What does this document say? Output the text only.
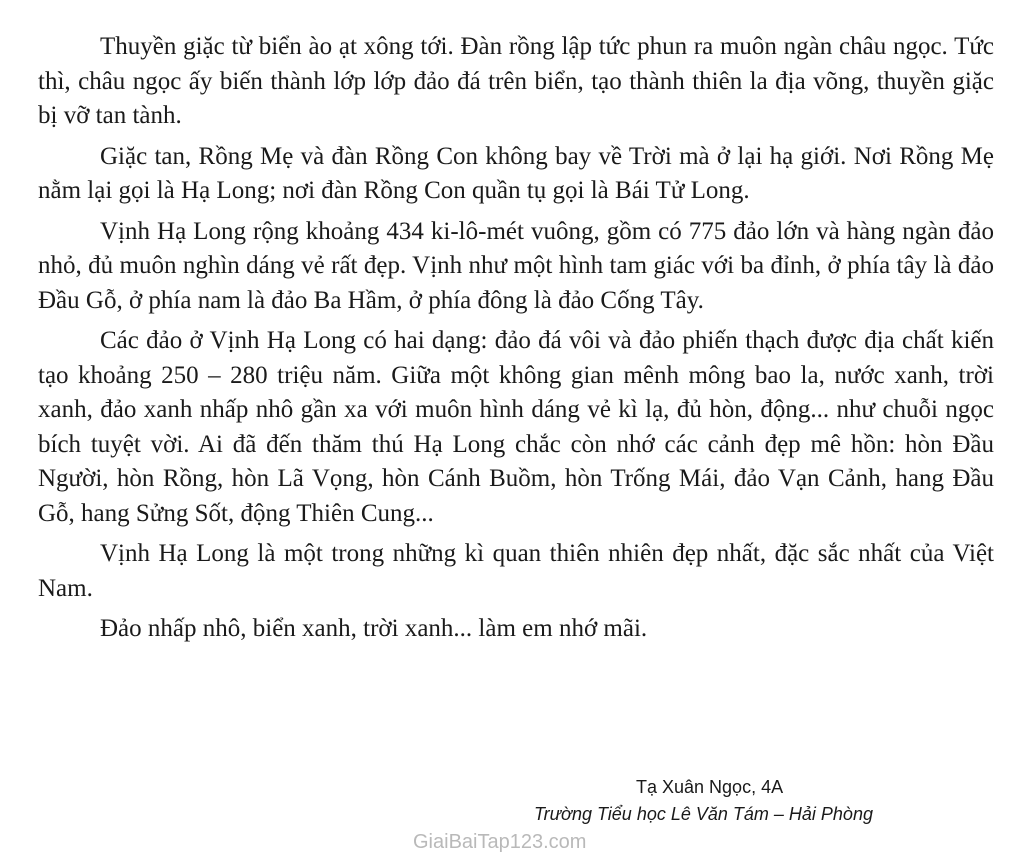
Thuyền giặc từ biển ào ạt xông tới. Đàn rồng lập tức phun ra muôn ngàn châu ngọc. Tức thì, châu ngọc ấy biến thành lớp lớp đảo đá trên biển, tạo thành thiên la địa võng, thuyền giặc bị vỡ tan tành.

Giặc tan, Rồng Mẹ và đàn Rồng Con không bay về Trời mà ở lại hạ giới. Nơi Rồng Mẹ nằm lại gọi là Hạ Long; nơi đàn Rồng Con quần tụ gọi là Bái Tử Long.

Vịnh Hạ Long rộng khoảng 434 ki-lô-mét vuông, gồm có 775 đảo lớn và hàng ngàn đảo nhỏ, đủ muôn nghìn dáng vẻ rất đẹp. Vịnh như một hình tam giác với ba đỉnh, ở phía tây là đảo Đầu Gỗ, ở phía nam là đảo Ba Hầm, ở phía đông là đảo Cống Tây.

Các đảo ở Vịnh Hạ Long có hai dạng: đảo đá vôi và đảo phiến thạch được địa chất kiến tạo khoảng 250 – 280 triệu năm. Giữa một không gian mênh mông bao la, nước xanh, trời xanh, đảo xanh nhấp nhô gần xa với muôn hình dáng vẻ kì lạ, đủ hòn, động... như chuỗi ngọc bích tuyệt vời. Ai đã đến thăm thú Hạ Long chắc còn nhớ các cảnh đẹp mê hồn: hòn Đầu Người, hòn Rồng, hòn Lã Vọng, hòn Cánh Buồm, hòn Trống Mái, đảo Vạn Cảnh, hang Đầu Gỗ, hang Sửng Sốt, động Thiên Cung...

Vịnh Hạ Long là một trong những kì quan thiên nhiên đẹp nhất, đặc sắc nhất của Việt Nam.

Đảo nhấp nhô, biển xanh, trời xanh... làm em nhớ mãi.

Tạ Xuân Ngọc, 4A

Trường Tiểu học Lê Văn Tám – Hải Phòng

GiaiBaiTap123.com
